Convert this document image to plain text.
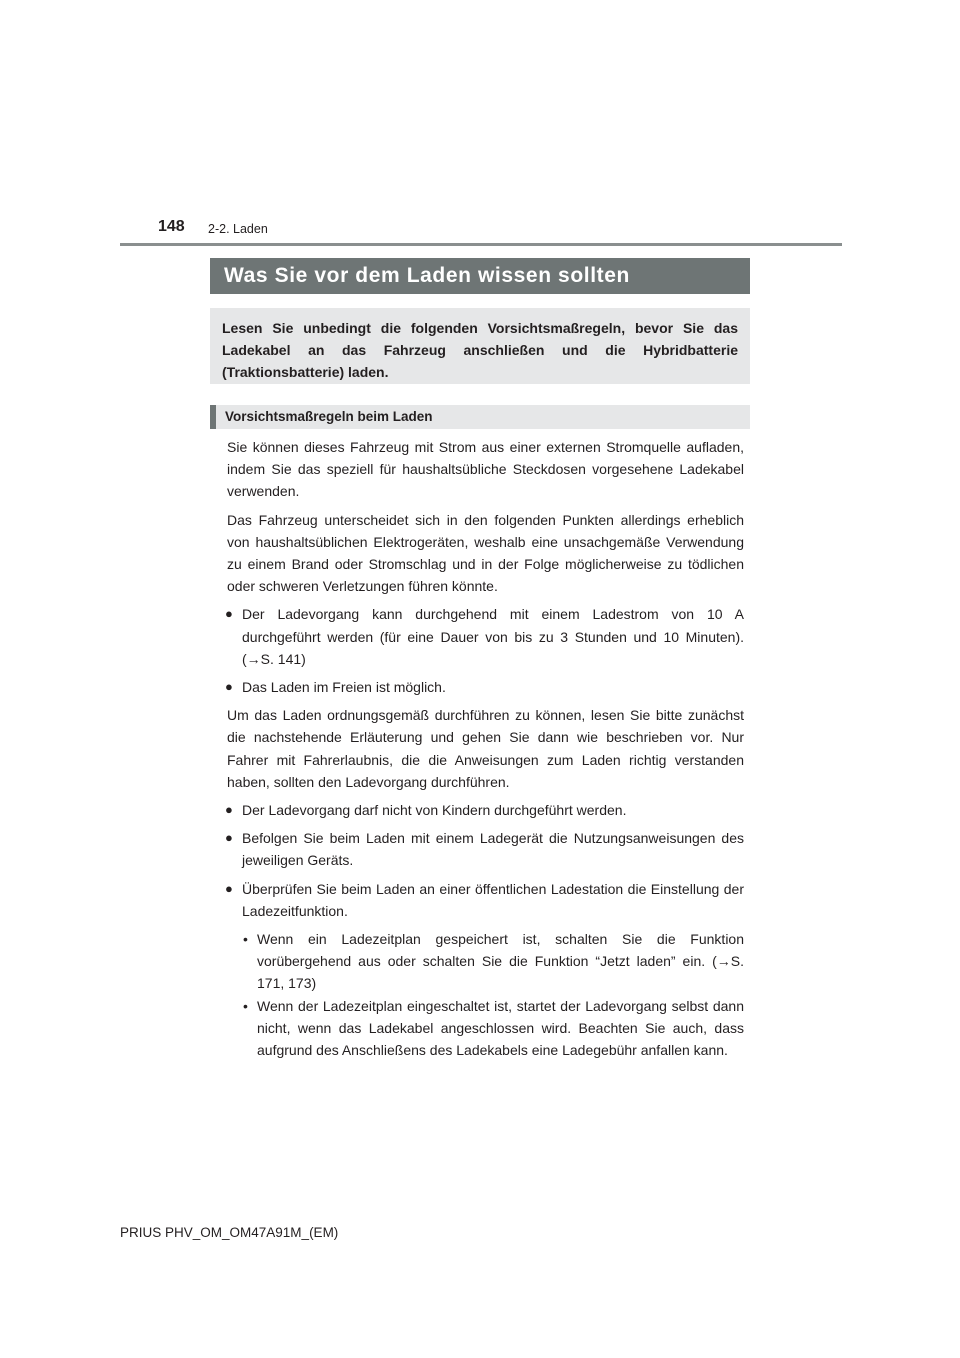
148 2-2. Laden
Was Sie vor dem Laden wissen sollten
Lesen Sie unbedingt die folgenden Vorsichtsmaßregeln, bevor Sie das Ladekabel an das Fahrzeug anschließen und die Hybridbatterie (Traktionsbatterie) laden.
Vorsichtsmaßregeln beim Laden

Sie können dieses Fahrzeug mit Strom aus einer externen Stromquelle aufladen, indem Sie das speziell für haushaltsübliche Steckdosen vorgesehene Ladekabel verwenden.

Das Fahrzeug unterscheidet sich in den folgenden Punkten allerdings erheblich von haushaltsüblichen Elektrogeräten, weshalb eine unsachgemäße Verwendung zu einem Brand oder Stromschlag und in der Folge möglicherweise zu tödlichen oder schweren Verletzungen führen könnte.

● Der Ladevorgang kann durchgehend mit einem Ladestrom von 10 A durchgeführt werden (für eine Dauer von bis zu 3 Stunden und 10 Minuten). (→S. 141)
● Das Laden im Freien ist möglich.

Um das Laden ordnungsgemäß durchführen zu können, lesen Sie bitte zunächst die nachstehende Erläuterung und gehen Sie dann wie beschrieben vor. Nur Fahrer mit Fahrerlaubnis, die die Anweisungen zum Laden richtig verstanden haben, sollten den Ladevorgang durchführen.

● Der Ladevorgang darf nicht von Kindern durchgeführt werden.
● Befolgen Sie beim Laden mit einem Ladegerät die Nutzungsanweisungen des jeweiligen Geräts.
● Überprüfen Sie beim Laden an einer öffentlichen Ladestation die Einstellung der Ladezeitfunktion.
• Wenn ein Ladezeitplan gespeichert ist, schalten Sie die Funktion vorübergehend aus oder schalten Sie die Funktion “Jetzt laden” ein. (→S. 171, 173)
• Wenn der Ladezeitplan eingeschaltet ist, startet der Ladevorgang selbst dann nicht, wenn das Ladekabel angeschlossen wird. Beachten Sie auch, dass aufgrund des Anschließens des Ladekabels eine Ladegebühr anfallen kann.
PRIUS PHV_OM_OM47A91M_(EM)
